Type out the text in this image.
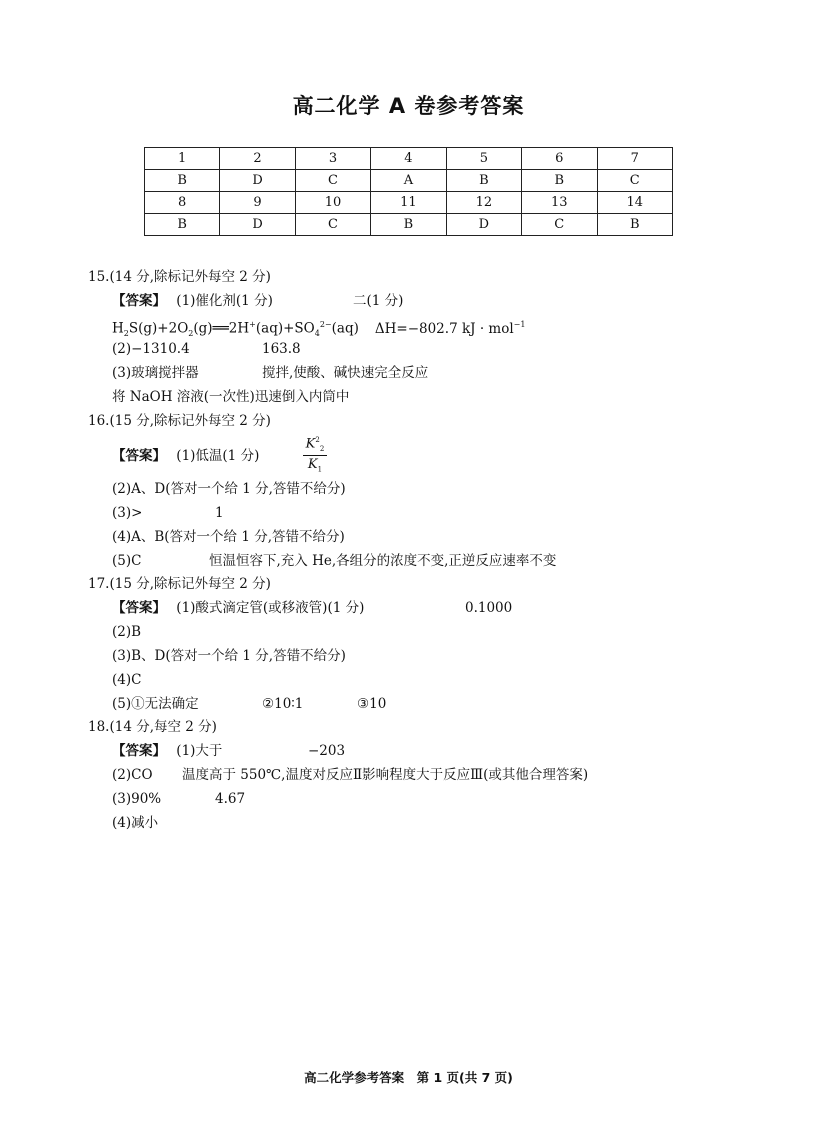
高二化学 A 卷参考答案
1	2	3	4	5	6	7
B	D	C	A	B	B	C
8	9	10	11	12	13	14
B	D	C	B	D	C	B
15.(14 分,除标记外每空 2 分)
【答案】 (1)催化剂(1 分)	二(1 分)
$H_2S(g)+2O_2(g)══2H^+(aq)+SO_4^{2-}(aq)$ ΔH=−802.7 kJ · mol$^{-1}$
(2)−1310.4	163.8
(3)玻璃搅拌器	搅拌,使酸、碱快速完全反应
将 NaOH 溶液(一次性)迅速倒入内筒中
16.(15 分,除标记外每空 2 分)
【答案】 (1)低温(1 分)	$\frac{K^2_2}{K_1}$
(2)A、D(答对一个给 1 分,答错不给分)
(3)>	1
(4)A、B(答对一个给 1 分,答错不给分)
(5)C	恒温恒容下,充入 He,各组分的浓度不变,正逆反应速率不变
17.(15 分,除标记外每空 2 分)
【答案】 (1)酸式滴定管(或移液管)(1 分)	0.1000
(2)B
(3)B、D(答对一个给 1 分,答错不给分)
(4)C
(5)①无法确定	②10∶1	③10
18.(14 分,每空 2 分)
【答案】 (1)大于	−203
(2)CO 温度高于 550℃,温度对反应Ⅱ影响程度大于反应Ⅲ(或其他合理答案)
(3)90%	4.67
(4)减小
高二化学参考答案　第 1 页(共 7 页)
